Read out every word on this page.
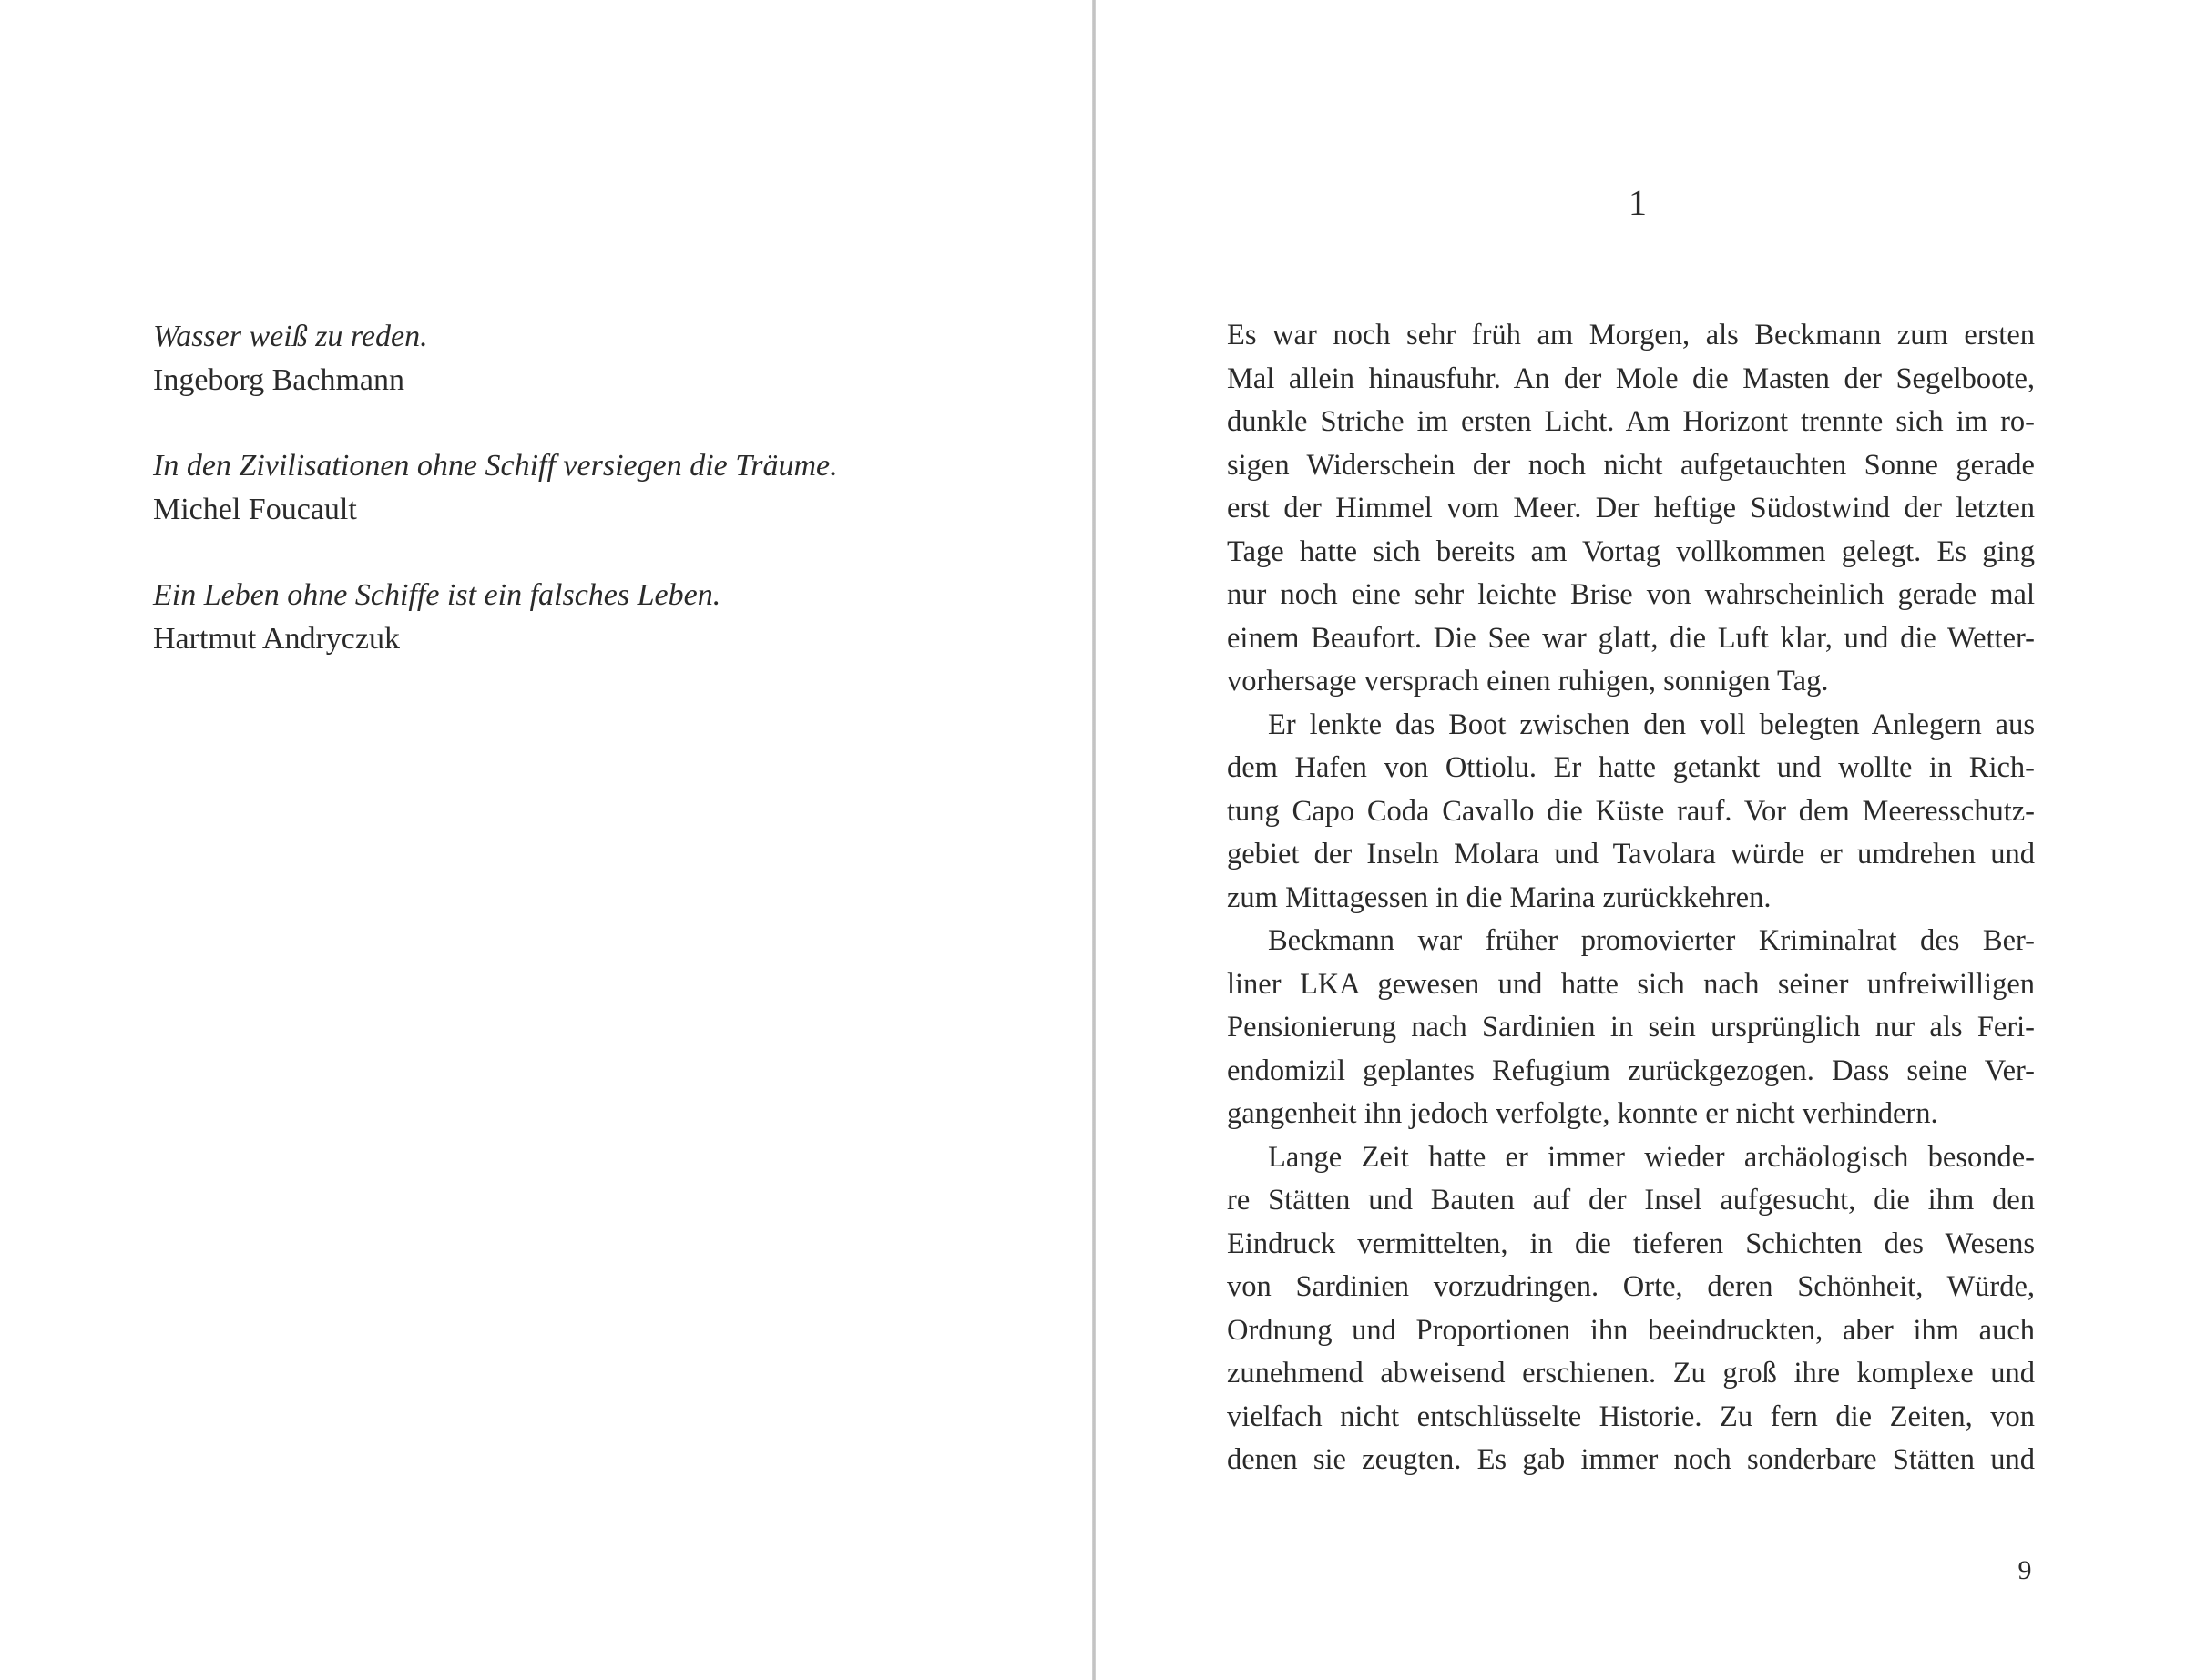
Wasser weiß zu reden.
Ingeborg Bachmann
In den Zivilisationen ohne Schiff versiegen die Träume.
Michel Foucault
Ein Leben ohne Schiffe ist ein falsches Leben.
Hartmut Andryczuk
1

Es war noch sehr früh am Morgen, als Beckmann zum ersten
Mal allein hinausfuhr. An der Mole die Masten der Segelboote,
dunkle Striche im ersten Licht. Am Horizont trennte sich im ro-
sigen Widerschein der noch nicht aufgetauchten Sonne gerade
erst der Himmel vom Meer. Der heftige Südostwind der letzten
Tage hatte sich bereits am Vortag vollkommen gelegt. Es ging
nur noch eine sehr leichte Brise von wahrscheinlich gerade mal
einem Beaufort. Die See war glatt, die Luft klar, und die Wetter-
vorhersage versprach einen ruhigen, sonnigen Tag.

Er lenkte das Boot zwischen den voll belegten Anlegern aus
dem Hafen von Ottiolu. Er hatte getankt und wollte in Rich-
tung Capo Coda Cavallo die Küste rauf. Vor dem Meeresschutz-
gebiet der Inseln Molara und Tavolara würde er umdrehen und
zum Mittagessen in die Marina zurückkehren.

Beckmann war früher promovierter Kriminalrat des Ber-
liner LKA gewesen und hatte sich nach seiner unfreiwilligen
Pensionierung nach Sardinien in sein ursprünglich nur als Feri-
endomizil geplantes Refugium zurückgezogen. Dass seine Ver-
gangenheit ihn jedoch verfolgte, konnte er nicht verhindern.

Lange Zeit hatte er immer wieder archäologisch besonde-
re Stätten und Bauten auf der Insel aufgesucht, die ihm den
Eindruck vermittelten, in die tieferen Schichten des Wesens
von Sardinien vorzudringen. Orte, deren Schönheit, Würde,
Ordnung und Proportionen ihn beeindruckten, aber ihm auch
zunehmend abweisend erschienen. Zu groß ihre komplexe und
vielfach nicht entschlüsselte Historie. Zu fern die Zeiten, von
denen sie zeugten. Es gab immer noch sonderbare Stätten und

9
